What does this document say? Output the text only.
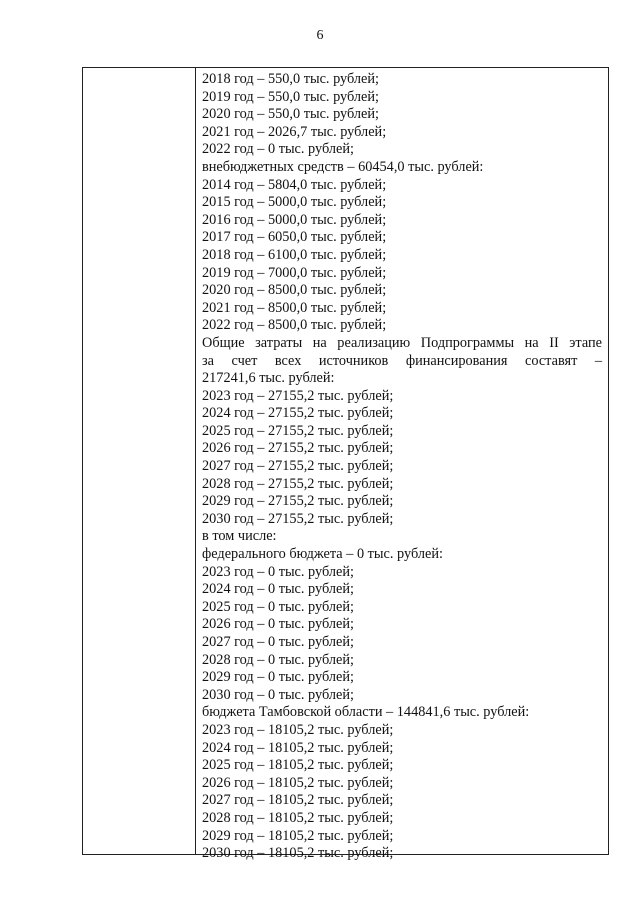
6
2018 год – 550,0 тыс. рублей;
2019 год – 550,0 тыс. рублей;
2020 год – 550,0 тыс. рублей;
2021 год – 2026,7 тыс. рублей;
2022 год – 0 тыс. рублей;
внебюджетных средств – 60454,0 тыс. рублей:
2014 год – 5804,0 тыс. рублей;
2015 год – 5000,0 тыс. рублей;
2016 год – 5000,0 тыс. рублей;
2017 год – 6050,0 тыс. рублей;
2018 год – 6100,0 тыс. рублей;
2019 год – 7000,0 тыс. рублей;
2020 год – 8500,0 тыс. рублей;
2021 год – 8500,0 тыс. рублей;
2022 год – 8500,0 тыс. рублей;
Общие затраты на реализацию Подпрограммы на II этапе
за счет всех источников финансирования составят –
217241,6 тыс. рублей:
2023 год – 27155,2 тыс. рублей;
2024 год – 27155,2 тыс. рублей;
2025 год – 27155,2 тыс. рублей;
2026 год – 27155,2 тыс. рублей;
2027 год – 27155,2 тыс. рублей;
2028 год – 27155,2 тыс. рублей;
2029 год – 27155,2 тыс. рублей;
2030 год – 27155,2 тыс. рублей;
в том числе:
федерального бюджета – 0 тыс. рублей:
2023 год – 0 тыс. рублей;
2024 год – 0 тыс. рублей;
2025 год – 0 тыс. рублей;
2026 год – 0 тыс. рублей;
2027 год – 0 тыс. рублей;
2028 год – 0 тыс. рублей;
2029 год – 0 тыс. рублей;
2030 год – 0 тыс. рублей;
бюджета Тамбовской области – 144841,6 тыс. рублей:
2023 год – 18105,2 тыс. рублей;
2024 год – 18105,2 тыс. рублей;
2025 год – 18105,2 тыс. рублей;
2026 год – 18105,2 тыс. рублей;
2027 год – 18105,2 тыс. рублей;
2028 год – 18105,2 тыс. рублей;
2029 год – 18105,2 тыс. рублей;
2030 год – 18105,2 тыс. рублей;
